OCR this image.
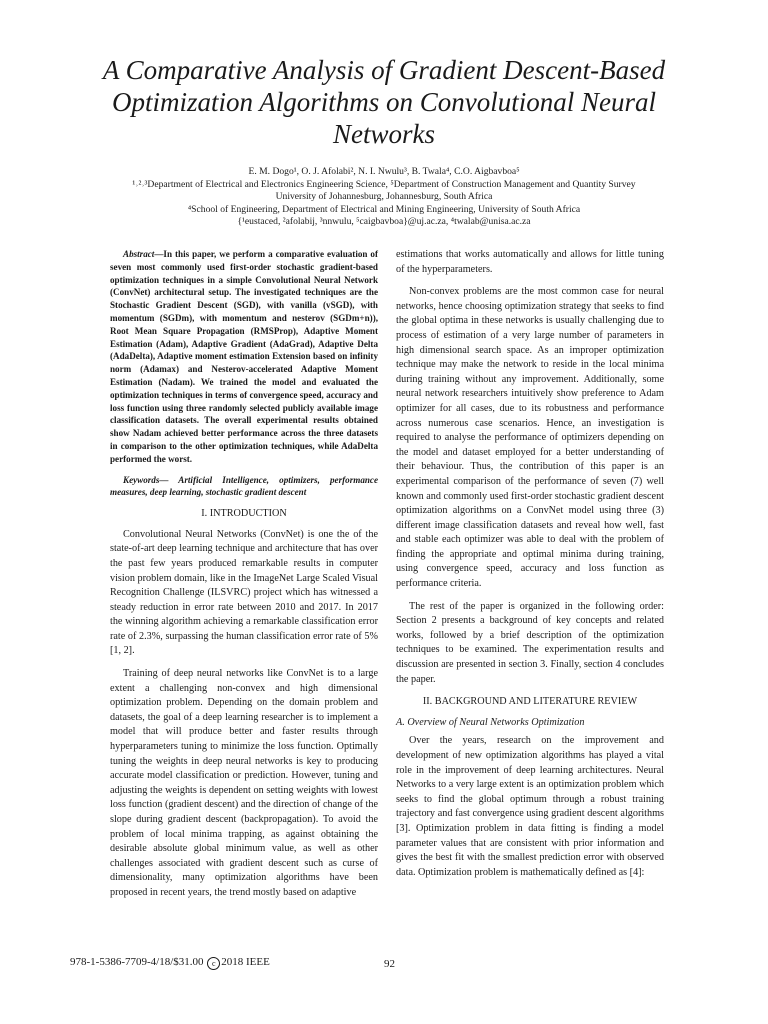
A Comparative Analysis of Gradient Descent-Based Optimization Algorithms on Convolutional Neural Networks
E. M. Dogo¹, O. J. Afolabi², N. I. Nwulu³, B. Twala⁴, C.O. Aigbavboa⁵
¹˒²˒³Department of Electrical and Electronics Engineering Science, ⁵Department of Construction Management and Quantity Survey
University of Johannesburg, Johannesburg, South Africa
⁴School of Engineering, Department of Electrical and Mining Engineering, University of South Africa
{¹eustaced, ²afolabij, ³nnwulu, ⁵caigbavboa}@uj.ac.za, ⁴twalab@unisa.ac.za

Abstract—In this paper, we perform a comparative evaluation of seven most commonly used first-order stochastic gradient-based optimization techniques in a simple Convolutional Neural Network (ConvNet) architectural setup. The investigated techniques are the Stochastic Gradient Descent (SGD), with vanilla (vSGD), with momentum (SGDm), with momentum and nesterov (SGDm+n)), Root Mean Square Propagation (RMSProp), Adaptive Moment Estimation (Adam), Adaptive Gradient (AdaGrad), Adaptive Delta (AdaDelta), Adaptive moment estimation Extension based on infinity norm (Adamax) and Nesterov-accelerated Adaptive Moment Estimation (Nadam). We trained the model and evaluated the optimization techniques in terms of convergence speed, accuracy and loss function using three randomly selected publicly available image classification datasets. The overall experimental results obtained show Nadam achieved better performance across the three datasets in comparison to the other optimization techniques, while AdaDelta performed the worst.

Keywords— Artificial Intelligence, optimizers, performance measures, deep learning, stochastic gradient descent

I. INTRODUCTION

Convolutional Neural Networks (ConvNet) is one the of the state-of-art deep learning technique and architecture that has over the past few years produced remarkable results in computer vision problem domain, like in the ImageNet Large Scaled Visual Recognition Challenge (ILSVRC) project which has witnessed a steady reduction in error rate between 2010 and 2017. In 2017 the winning algorithm achieving a remarkable classification error rate of 2.3%, surpassing the human classification error rate of 5% [1, 2].

Training of deep neural networks like ConvNet is to a large extent a challenging non-convex and high dimensional optimization problem. Depending on the domain problem and datasets, the goal of a deep learning researcher is to implement a model that will produce better and faster results through hyperparameters tuning to minimize the loss function. Optimally tuning the weights in deep neural networks is key to producing accurate model classification or prediction. However, tuning and adjusting the weights is dependent on setting weights with lowest loss function (gradient descent) and the direction of change of the slope during gradient descent (backpropagation). To avoid the problem of local minima trapping, as against obtaining the desirable absolute global minimum value, as well as other challenges associated with gradient descent such as curse of dimensionality, many optimization algorithms have been proposed in recent years, the trend mostly based on adaptive

estimations that works automatically and allows for little tuning of the hyperparameters.

Non-convex problems are the most common case for neural networks, hence choosing optimization strategy that seeks to find the global optima in these networks is usually challenging due to process of estimation of a very large number of parameters in high dimensional search space. As an improper optimization technique may make the network to reside in the local minima during training without any improvement. Additionally, some neural network researchers intuitively show preference to Adam optimizer for all cases, due to its robustness and performance across numerous case scenarios. Hence, an investigation is required to analyse the performance of optimizers depending on the model and dataset employed for a better understanding of their behaviour. Thus, the contribution of this paper is an experimental comparison of the performance of seven (7) well known and commonly used first-order stochastic gradient descent optimization algorithms on a ConvNet model using three (3) different image classification datasets and reveal how well, fast and stable each optimizer was able to deal with the problem of finding the appropriate and optimal minima during training, using convergence speed, accuracy and loss function as performance criteria.

The rest of the paper is organized in the following order: Section 2 presents a background of key concepts and related works, followed by a brief description of the optimization techniques to be examined. The experimentation results and discussion are presented in section 3. Finally, section 4 concludes the paper.

II. BACKGROUND AND LITERATURE REVIEW
A. Overview of Neural Networks Optimization

Over the years, research on the improvement and development of new optimization algorithms has played a vital role in the improvement of deep learning architectures. Neural Networks to a very large extent is an optimization problem which seeks to find the global optimum through a robust training trajectory and fast convergence using gradient descent algorithms [3]. Optimization problem in data fitting is finding a model parameter values that are consistent with prior information and gives the best fit with the smallest prediction error with observed data. Optimization problem is mathematically defined as [4]:

978-1-5386-7709-4/18/$31.00 c 2018 IEEE	92
